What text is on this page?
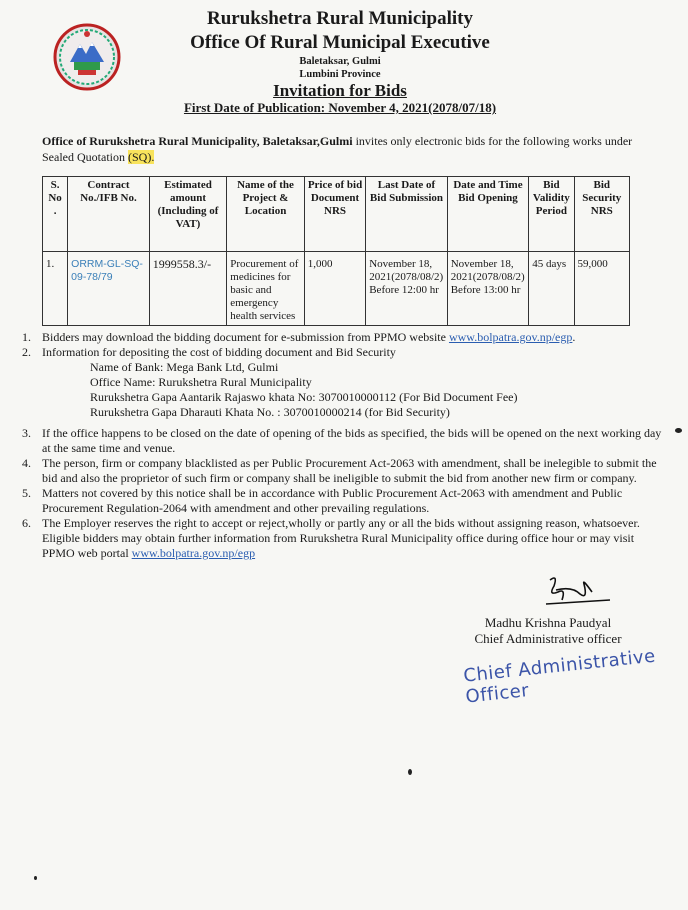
Rurukshetra Rural Municipality
Office Of Rural Municipal Executive
Baletaksar, Gulmi
Lumbini Province
Invitation for Bids
First Date of Publication: November 4, 2021(2078/07/18)
Office of Rurukshetra Rural Municipality, Baletaksar,Gulmi invites only electronic bids for the following works under Sealed Quotation (SQ).
S. No .	Contract No./IFB No.	Estimated amount (Including of VAT)	Name of the Project & Location	Price of bid Document NRS	Last Date of Bid Submission	Date and Time Bid Opening	Bid Validity Period	Bid Security NRS
1.	ORRM-GL-SQ-09-78/79	1999558.3/-	Procurement of medicines for basic and emergency health services	1,000	November 18, 2021(2078/08/2) Before 12:00 hr	November 18, 2021(2078/08/2) Before 13:00 hr	45 days	59,000
1. Bidders may download the bidding document for e-submission from PPMO website www.bolpatra.gov.np/egp.
2. Information for depositing the cost of bidding document and Bid Security
Name of Bank: Mega Bank Ltd, Gulmi
Office Name: Rurukshetra Rural Municipality
Rurukshetra Gapa Aantarik Rajaswo khata No: 3070010000112 (For Bid Document Fee)
Rurukshetra Gapa Dharauti Khata No. : 3070010000214 (for Bid Security)
3. If the office happens to be closed on the date of opening of the bids as specified, the bids will be opened on the next working day at the same time and venue.
4. The person, firm or company blacklisted as per Public Procurement Act-2063 with amendment, shall be inelegible to submit the bid and also the proprietor of such firm or company shall be ineligible to submit the bid from another new firm or company.
5. Matters not covered by this notice shall be in accordance with Public Procurement Act-2063 with amendment and Public Procurement Regulation-2064 with amendment and other prevailing regulations.
6. The Employer reserves the right to accept or reject,wholly or partly any or all the bids without assigning reason, whatsoever.
Eligible bidders may obtain further information from Rurukshetra Rural Municipality office during office hour or may visit PPMO web portal www.bolpatra.gov.np/egp
Madhu Krishna Paudyal
Chief Administrative officer
Chief Administrative Officer
